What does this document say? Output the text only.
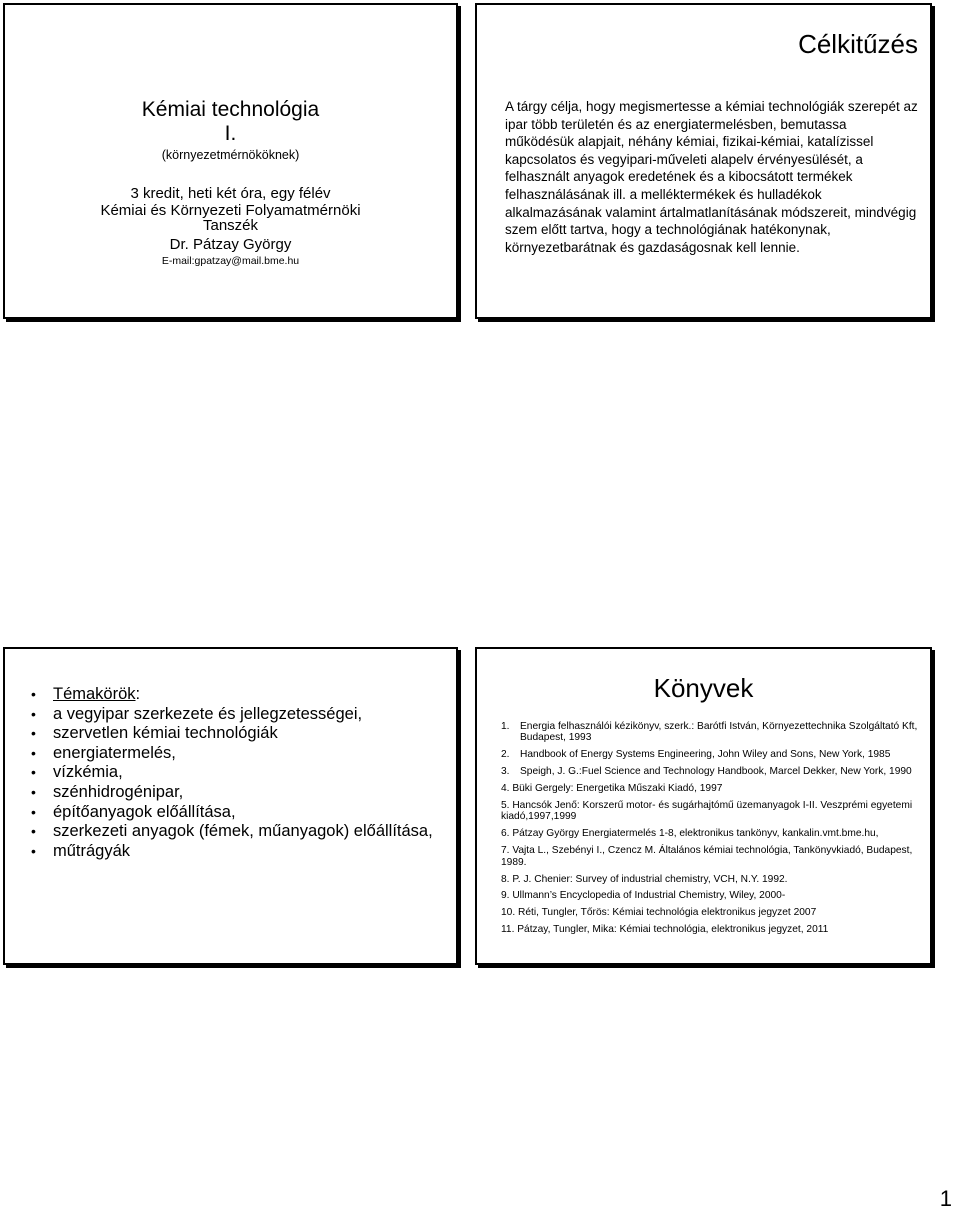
Kémiai technológia
I.
(környezetmérnököknek)
3 kredit, heti két óra, egy félév
Kémiai és Környezeti Folyamatmérnöki
Tanszék
Dr. Pátzay György
E-mail:gpatzay@mail.bme.hu
Célkitűzés
A tárgy célja, hogy megismertesse a kémiai technológiák szerepét az ipar több területén és az energiatermelésben, bemutassa működésük alapjait, néhány kémiai, fizikai-kémiai, katalízissel kapcsolatos és vegyipari-műveleti alapelv érvényesülését, a felhasznált anyagok eredetének és a kibocsátott termékek felhasználásának ill. a melléktermékek és hulladékok alkalmazásának valamint ártalmatlanításának módszereit, mindvégig szem előtt tartva, hogy a technológiának hatékonynak, környezetbarátnak és gazdaságosnak kell lennie.
• Témakörök:
• a vegyipar szerkezete és jellegzetességei,
• szervetlen kémiai technológiák
• energiatermelés,
• vízkémia,
• szénhidrogénipar,
• építőanyagok előállítása,
• szerkezeti anyagok (fémek, műanyagok) előállítása,
• műtrágyák
Könyvek
1. Energia felhasználói kézikönyv, szerk.: Barótfi István, Környezettechnika Szolgáltató Kft, Budapest, 1993
2. Handbook of Energy Systems Engineering, John Wiley and Sons, New York, 1985
3. Speigh, J. G.:Fuel Science and Technology Handbook, Marcel Dekker, New York, 1990
4. Büki Gergely: Energetika Műszaki Kiadó, 1997
5. Hancsók Jenő: Korszerű motor- és sugárhajtómű üzemanyagok I-II. Veszprémi egyetemi kiadó,1997,1999
6. Pátzay György Energiatermelés 1-8, elektronikus tankönyv, kankalin.vmt.bme.hu,
7. Vajta L., Szebényi I., Czencz M. Általános kémiai technológia, Tankönyvkiadó, Budapest, 1989.
8. P. J. Chenier: Survey of industrial chemistry, VCH, N.Y. 1992.
9. Ullmann’s Encyclopedia of Industrial Chemistry, Wiley, 2000-
10. Réti, Tungler, Tőrös: Kémiai technológia elektronikus jegyzet 2007
11. Pátzay, Tungler, Mika: Kémiai technológia, elektronikus jegyzet, 2011
1
